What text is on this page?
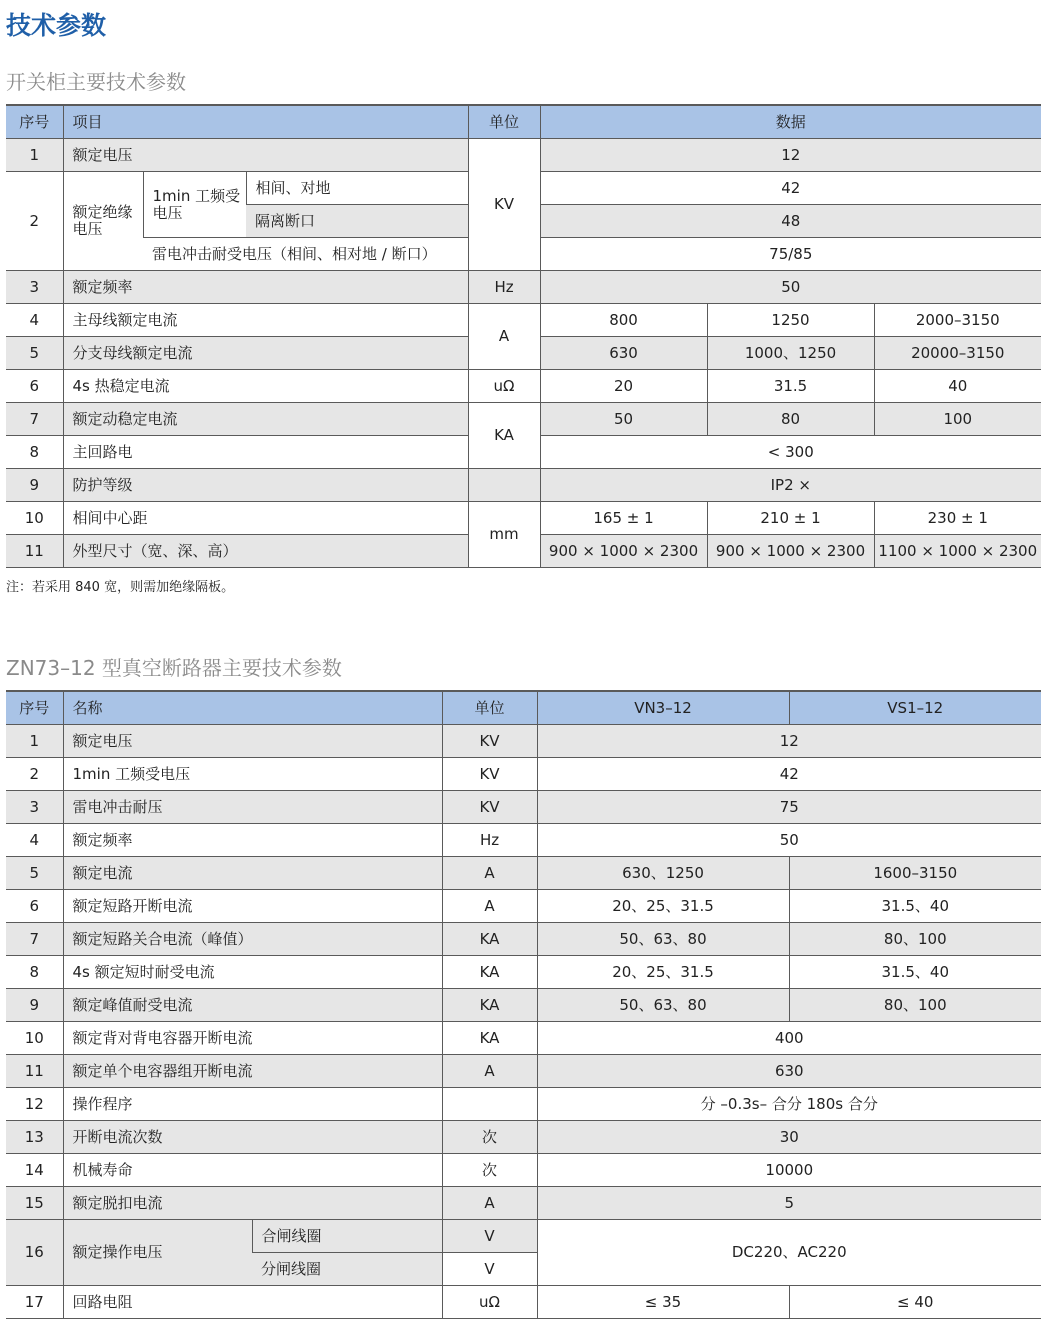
技术参数
开关柜主要技术参数
序号	项目			单位	数据		
1	额定电压			KV	12		
2	额定绝缘电压	1min 工频受电压	相间、对地		42		
			隔离断口		48		
		雷电冲击耐受电压（相间、相对地 / 断口）			75/85		
3	额定频率			Hz	50		
4	主母线额定电流			A	800	1250	2000–3150
5	分支母线额定电流				630	1000、1250	20000–3150
6	4s 热稳定电流			uΩ	20	31.5	40
7	额定动稳定电流			KA	50	80	100
8	主回路电				< 300		
9	防护等级				IP2 ×		
10	相间中心距			mm	165 ± 1	210 ± 1	230 ± 1
11	外型尺寸（宽、深、高）				900 × 1000 × 2300	900 × 1000 × 2300	1100 × 1000 × 2300

注：若采用 840 宽，则需加绝缘隔板。

ZN73–12 型真空断路器主要技术参数
序号	名称		单位	VN3–12	VS1–12
1	额定电压		KV	12	
2	1min 工频受电压		KV	42	
3	雷电冲击耐压		KV	75	
4	额定频率		Hz	50	
5	额定电流		A	630、1250	1600–3150
6	额定短路开断电流		A	20、25、31.5	31.5、40
7	额定短路关合电流（峰值）		KA	50、63、80	80、100
8	4s 额定短时耐受电流		KA	20、25、31.5	31.5、40
9	额定峰值耐受电流		KA	50、63、80	80、100
10	额定背对背电容器开断电流		KA	400	
11	额定单个电容器组开断电流		A	630	
12	操作程序			分 –0.3s– 合分 180s 合分	
13	开断电流次数		次	30	
14	机械寿命		次	10000	
15	额定脱扣电流		A	5	
16	额定操作电压	合闸线圈	V	DC220、AC220	
		分闸线圈	V		
17	回路电阻		uΩ	≤ 35	≤ 40
